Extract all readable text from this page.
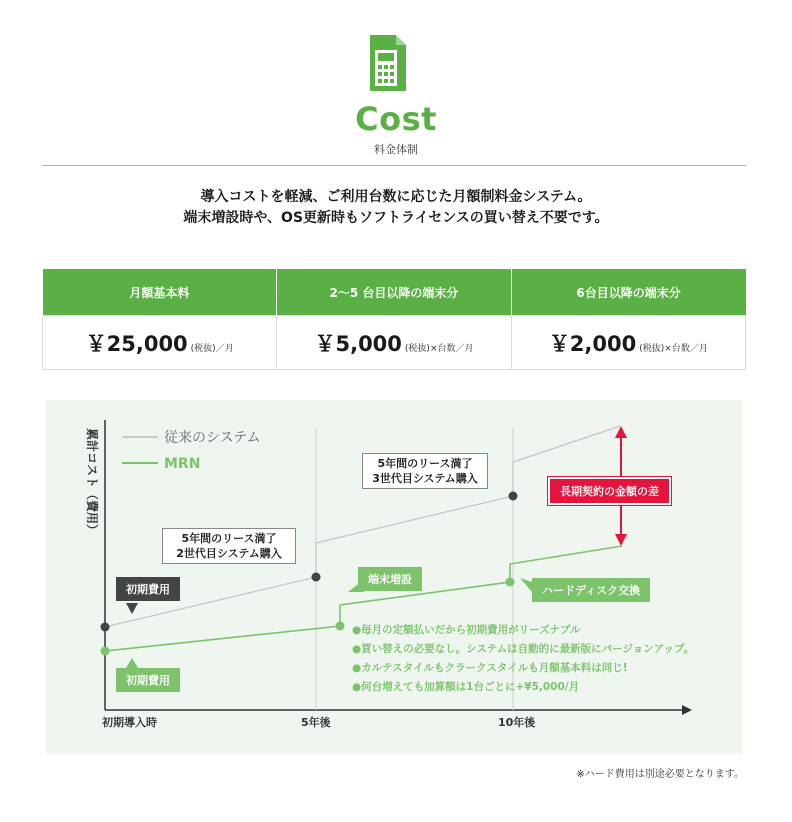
Cost
料金体制
導入コストを軽減、ご利用台数に応じた月額制料金システム。
端末増設時や、OS更新時もソフトライセンスの買い替え不要です。
月額基本料	2～5 台目以降の端末分	6台目以降の端末分
￥25,000 (税抜)／月	￥5,000 (税抜)×台数／月	￥2,000 (税抜)×台数／月
累計コスト（費用）	従来のシステム
MRN
初期導入時	5年後	10年後
初期費用
初期費用
5年間のリース満了
2世代目システム購入
5年間のリース満了
3世代目システム購入
端末増設
ハードディスク交換
長期契約の金額の差
●毎月の定額払いだから初期費用がリーズナブル
●買い替えの必要なし。システムは自動的に最新版にバージョンアップ。
●カルテスタイルもクラークスタイルも月額基本料は同じ!
●何台増えても加算額は1台ごとに+¥5,000/月
※ハード費用は別途必要となります。
